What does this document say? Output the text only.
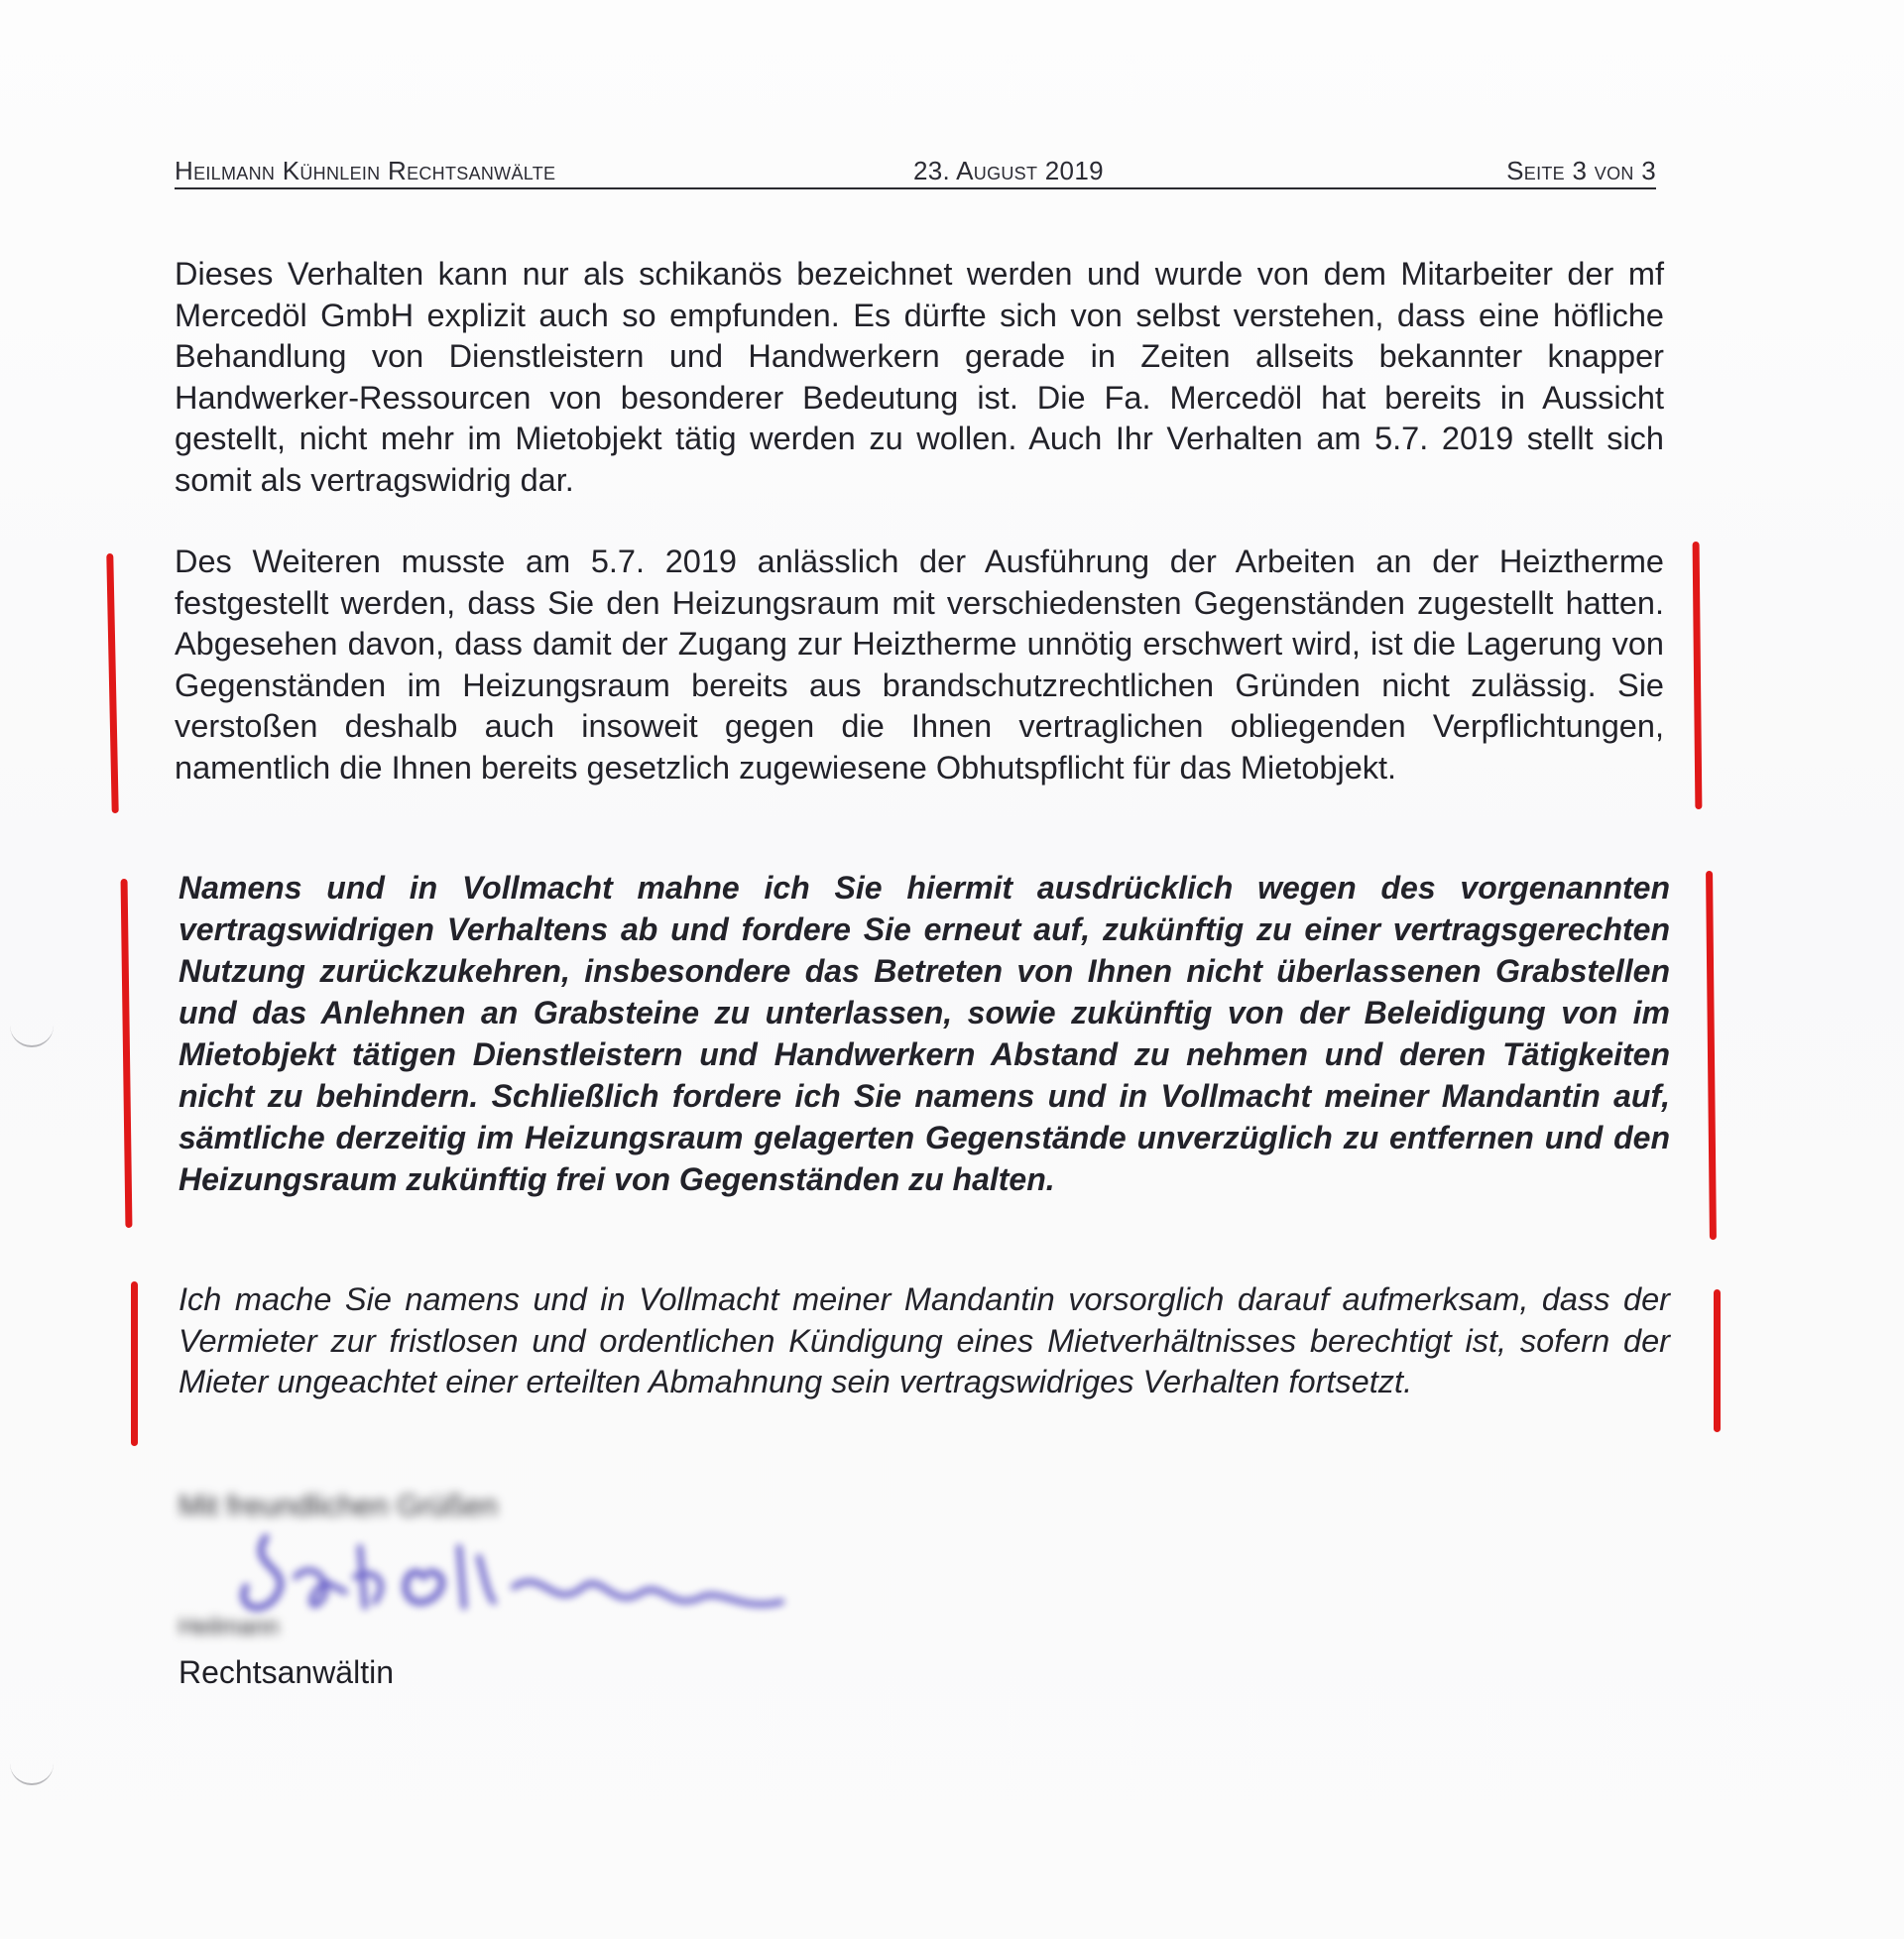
Heilmann Kühnlein Rechtsanwälte	23. August 2019	Seite 3 von 3

Dieses Verhalten kann nur als schikanös bezeichnet werden und wurde von dem Mitarbeiter der mf Mercedöl GmbH explizit auch so empfunden. Es dürfte sich von selbst verstehen, dass eine höfliche Behandlung von Dienstleistern und Handwerkern gerade in Zeiten allseits bekannter knapper Handwerker-Ressourcen von besonderer Bedeutung ist. Die Fa. Mercedöl hat bereits in Aussicht gestellt, nicht mehr im Mietobjekt tätig werden zu wollen. Auch Ihr Verhalten am 5.7. 2019 stellt sich somit als vertragswidrig dar.

Des Weiteren musste am 5.7. 2019 anlässlich der Ausführung der Arbeiten an der Heiztherme festgestellt werden, dass Sie den Heizungsraum mit verschiedensten Gegenständen zugestellt hatten. Abgesehen davon, dass damit der Zugang zur Heiztherme unnötig erschwert wird, ist die Lagerung von Gegenständen im Heizungsraum bereits aus brandschutzrechtlichen Gründen nicht zulässig. Sie verstoßen deshalb auch insoweit gegen die Ihnen vertraglichen obliegenden Verpflichtungen, namentlich die Ihnen bereits gesetzlich zugewiesene Obhutspflicht für das Mietobjekt.

Namens und in Vollmacht mahne ich Sie hiermit ausdrücklich wegen des vorgenannten vertragswidrigen Verhaltens ab und fordere Sie erneut auf, zukünftig zu einer vertragsgerechten Nutzung zurückzukehren, insbesondere das Betreten von Ihnen nicht überlassenen Grabstellen und das Anlehnen an Grabsteine zu unterlassen, sowie zukünftig von der Beleidigung von im Mietobjekt tätigen Dienstleistern und Handwerkern Abstand zu nehmen und deren Tätigkeiten nicht zu behindern. Schließlich fordere ich Sie namens und in Vollmacht meiner Mandantin auf, sämtliche derzeitig im Heizungsraum gelagerten Gegenstände unverzüglich zu entfernen und den Heizungsraum zukünftig frei von Gegenständen zu halten.

Ich mache Sie namens und in Vollmacht meiner Mandantin vorsorglich darauf aufmerksam, dass der Vermieter zur fristlosen und ordentlichen Kündigung eines Mietverhältnisses berechtigt ist, sofern der Mieter ungeachtet einer erteilten Abmahnung sein vertragswidriges Verhalten fortsetzt.

Mit freundlichen Grüßen
Heilmann
Rechtsanwältin
